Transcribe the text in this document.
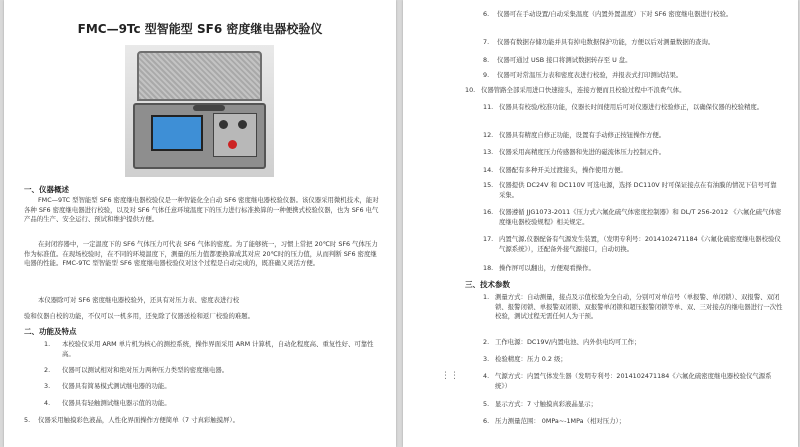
FMC—9Tc 型智能型 SF6 密度继电器校验仪
一、仪器概述

FMC—9TC 型智能型 SF6 密度继电器校验仪是一种智能化全自动 SF6 密度继电器校验仪器。该仪器采用微机技术，能对各种 SF6 密度继电器进行校验，以及对 SF6 气体任意环境温度下的压力进行标准换算的一种便携式校验仪器，也为 SF6 电气产品的生产、安全运行、预试和维护提供方便。

在封闭容器中，一定温度下的 SF6 气体压力可代表 SF6 气体的密度。为了能够统一，习惯上常把 20℃时 SF6 气体压力作为标准值。在现场校验时，在不同的环境温度下，测量的压力值都要换算成其对应 20℃时的压力值，从而判断 SF6 密度继电器的性能。FMC-9TC 型智能型 SF6 密度继电器校验仪对这个过程是自动完成的，既准确又灵活方便。

本仪器除可对 SF6 密度继电器校验外，还具有对压力表、密度表进行校

验和仪器自校的功能，不仅可以一机多用，还免除了仪器送检和返厂校验的难题。

二、功能及特点
1. 本校验仪采用 ARM 单片机为核心的测控系统，操作界面采用 ARM 计算机，自动化程度高、重复性好、可靠性高。
2. 仪器可以测试相对和绝对压力两种压力类型的密度继电器。
3. 仪器具有简易模式测试继电器的功能。
4. 仪器具有轻触测试继电器示值的功能。
5. 仪器采用触摸彩色液晶，人性化界面操作方便简单（7 寸真彩触摸屏）。
6. 仪器可在手动设置/自动采集温度（内置外置温度）下对 SF6 密度继电器进行校验。
7. 仪器有数据存储功能并具有掉电数据保护功能，方便以后对测量数据的查询。
8. 仪器可通过 USB 接口将测试数据转存至 U 盘。
9. 仪器可对常温压力表和密度表进行校验，并报表式打印测试结果。
10. 仪器管路全部采用进口快速接头，连接方便而且校验过程中不浪费气体。
11. 仪器具有校验/校准功能，仪器长时间使用后可对仪器进行校验修正，以确保仪器的校验精度。
12. 仪器具有精度自修正功能，设置有手动修正按钮操作方便。
13. 仪器采用高精度压力传感器和先进的磁流体压力控制元件。
14. 仪器配有多种开关过渡接头，操作使用方便。
15. 仪器提供 DC24V 和 DC110V 可选电源，选择 DC110V 时可保证接点在有油膜的情况下信号可靠采集。
16. 仪器遵循 JJG1073-2011《压力式六氟化硫气体密度控制器》和 DL/T 256-2012 《六氟化硫气体密度继电器校验规程》相关规定。
17. 内置气源,仪器配备有气源发生装置，（发明专利号：2014102471184《六氟化硫密度继电器校验仪气源系统》），还配备外接气源接口，自动切换。
18. 操作屏可以翻出，方便观看操作。
三、技术参数
1. 测量方式：自动测量，接点及示值校验为全自动，分别可对单信号（单报警、单闭锁）、双报警、双闭锁、报警闭锁、单报警双闭锁、双报警单闭锁和超压报警闭锁等单、双、三对接点的继电器进行一次性校验，测试过程无需任何人为干预。
2. 工作电源：DC19V/内置电池、内外供电均可工作；
3. 检验精度：压力 0.2 级；
4. 气源方式：内置气体发生器（发明专利号：2014102471184《六氟化硫密度继电器校验仪气源系统》）
5. 显示方式：7 寸触摸真彩液晶显示；
6. 压力测量范围： 0MPa~-1MPa（相对压力）；
⋮⋮
